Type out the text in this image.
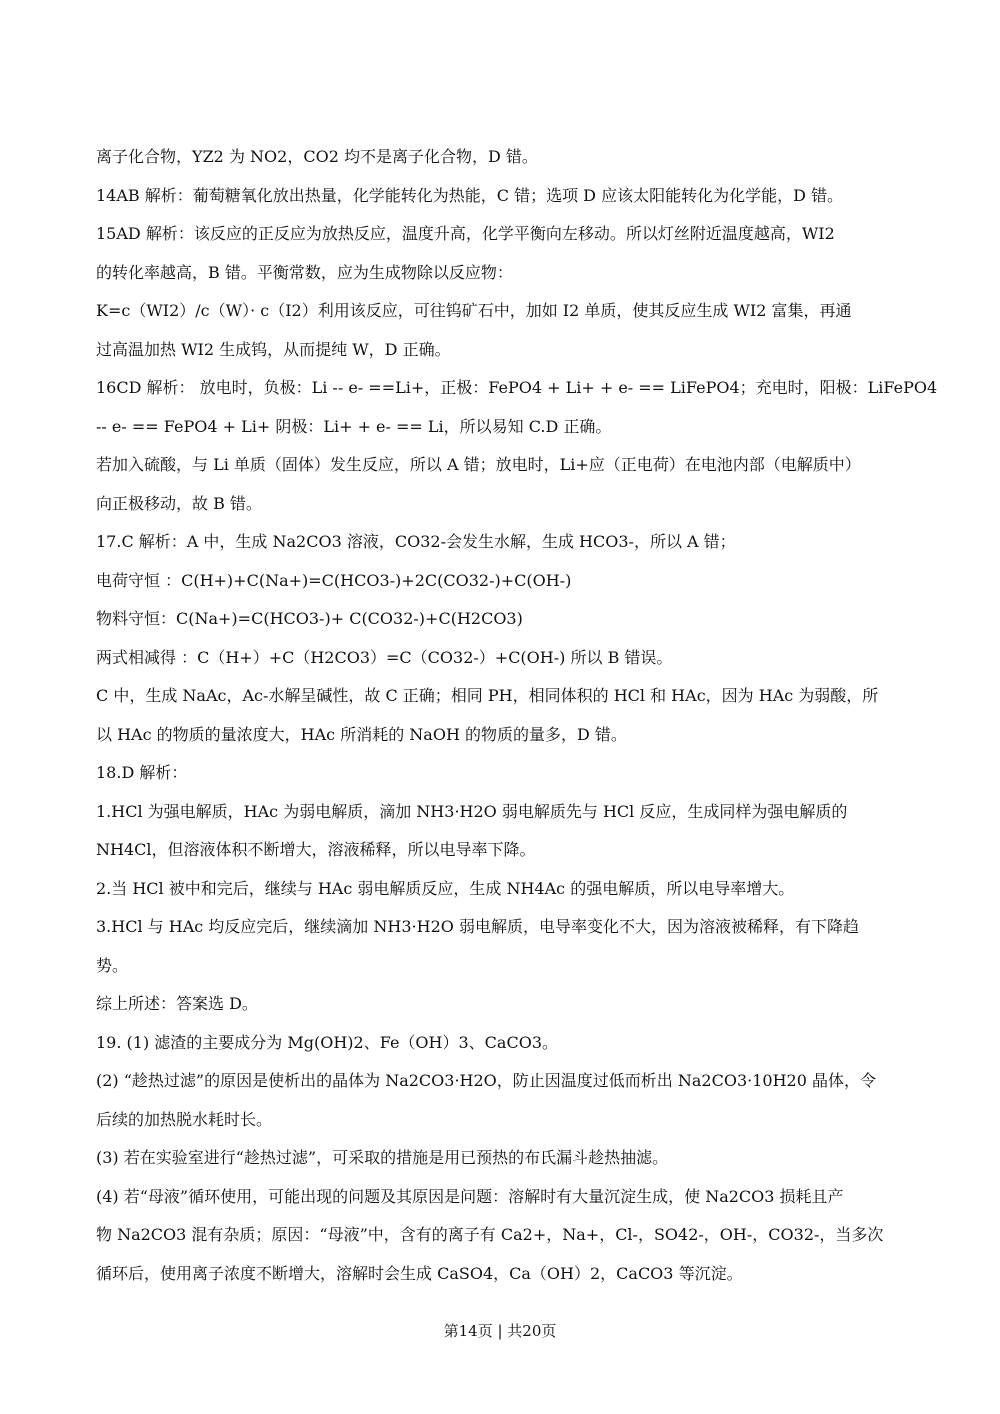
离子化合物，YZ2 为 NO2，CO2 均不是离子化合物，D 错。
14AB 解析：葡萄糖氧化放出热量，化学能转化为热能，C 错；选项 D 应该太阳能转化为化学能，D 错。
15AD 解析：该反应的正反应为放热反应，温度升高，化学平衡向左移动。所以灯丝附近温度越高，WI2
的转化率越高，B 错。平衡常数，应为生成物除以反应物：
K=c（WI2）/c（W）· c（I2）利用该反应，可往钨矿石中，加如 I2 单质，使其反应生成 WI2 富集，再通
过高温加热 WI2 生成钨，从而提纯 W，D 正确。
16CD 解析： 放电时，负极：Li -- e- ==Li+，正极：FePO4 + Li+ + e- == LiFePO4；充电时，阳极：LiFePO4
-- e- == FePO4 + Li+ 阴极：Li+ + e- == Li，所以易知 C.D 正确。
若加入硫酸，与 Li 单质（固体）发生反应，所以 A 错；放电时，Li+应（正电荷）在电池内部（电解质中）
向正极移动，故 B 错。
17.C 解析：A 中，生成 Na2CO3 溶液，CO32-会发生水解，生成 HCO3-，所以 A 错；
电荷守恒 ：C(H+)+C(Na+)=C(HCO3-)+2C(CO32-)+C(OH-)
物料守恒：C(Na+)=C(HCO3-)+ C(CO32-)+C(H2CO3)
两式相减得 ：C（H+）+C（H2CO3）=C（CO32-）+C(OH-) 所以 B 错误。
C 中，生成 NaAc，Ac-水解呈碱性，故 C 正确；相同 PH，相同体积的 HCl 和 HAc，因为 HAc 为弱酸，所
以 HAc 的物质的量浓度大，HAc 所消耗的 NaOH 的物质的量多，D 错。
18.D 解析：
1.HCl 为强电解质，HAc 为弱电解质，滴加 NH3·H2O 弱电解质先与 HCl 反应，生成同样为强电解质的
NH4Cl，但溶液体积不断增大，溶液稀释，所以电导率下降。
2.当 HCl 被中和完后，继续与 HAc 弱电解质反应，生成 NH4Ac 的强电解质，所以电导率增大。
3.HCl 与 HAc 均反应完后，继续滴加 NH3·H2O 弱电解质，电导率变化不大，因为溶液被稀释，有下降趋
势。
综上所述：答案选 D。
19. (1) 滤渣的主要成分为 Mg(OH)2、Fe（OH）3、CaCO3。
(2) “趁热过滤”的原因是使析出的晶体为 Na2CO3·H2O，防止因温度过低而析出 Na2CO3·10H20 晶体，令
后续的加热脱水耗时长。
(3) 若在实验室进行“趁热过滤”，可采取的措施是用已预热的布氏漏斗趁热抽滤。
(4) 若“母液”循环使用，可能出现的问题及其原因是问题：溶解时有大量沉淀生成，使 Na2CO3 损耗且产
物 Na2CO3 混有杂质；原因：“母液”中，含有的离子有 Ca2+，Na+，Cl-，SO42-，OH-，CO32-，当多次
循环后，使用离子浓度不断增大，溶解时会生成 CaSO4，Ca（OH）2，CaCO3 等沉淀。
第14页 | 共20页
